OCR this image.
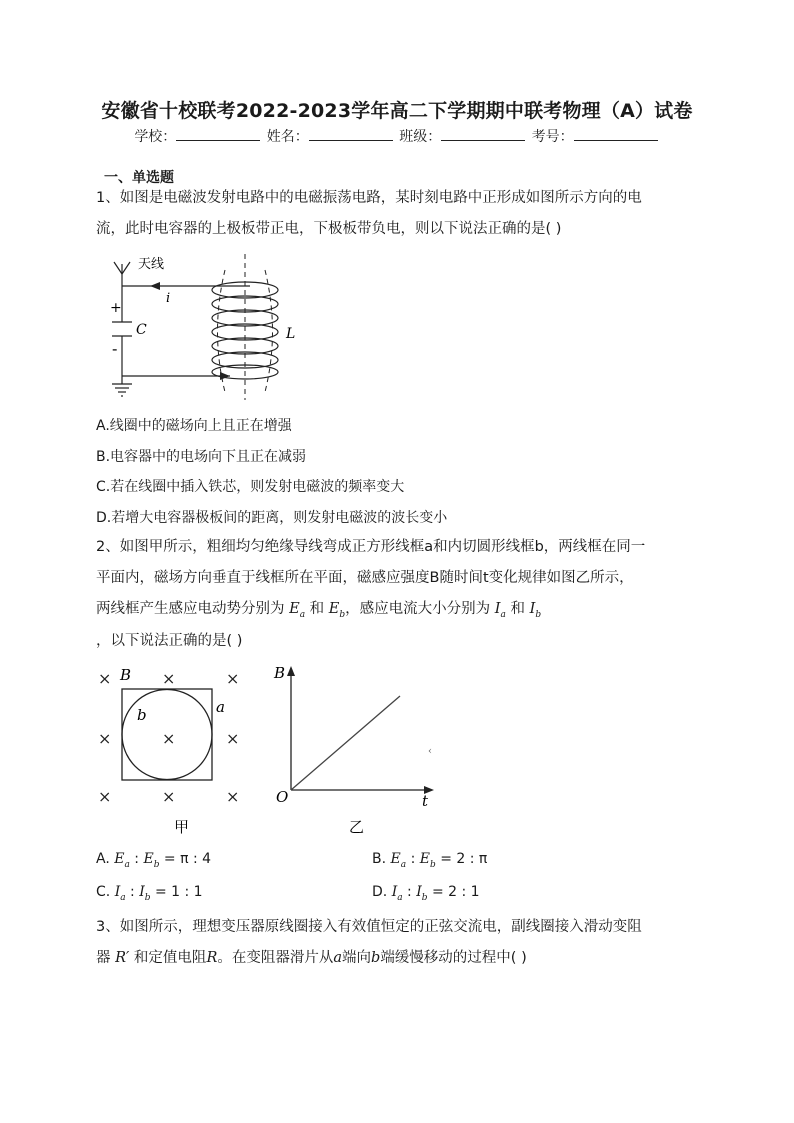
安徽省十校联考2022-2023学年高二下学期期中联考物理（A）试卷
学校：	姓名：	班级：	考号：
一、单选题
1、如图是电磁波发射电路中的电磁振荡电路，某时刻电路中正形成如图所示方向的电
流，此时电容器的上极板带正电，下极板带负电，则以下说法正确的是( )
天线
i
+
-
C	L
A.线圈中的磁场向上且正在增强
B.电容器中的电场向下且正在减弱
C.若在线圈中插入铁芯，则发射电磁波的频率变大
D.若增大电容器极板间的距离，则发射电磁波的波长变小
2、如图甲所示，粗细均匀绝缘导线弯成正方形线框a和内切圆形线框b，两线框在同一
平面内，磁场方向垂直于线框所在平面，磁感应强度B随时间t变化规律如图乙所示，
两线框产生感应电动势分别为 $E_a$ 和 $E_b$，感应电流大小分别为 $I_a$ 和 $I_b$
，以下说法正确的是( )
×	×	×
×	×	×
×	×	×
B
b	a
甲
B
t
O
‹
乙
A. $E_a$ : $E_b = \pi$ : 4	B. $E_a$ : $E_b = 2$ : π
C. $I_a$ : $I_b = 1$ : 1	D. $I_a$ : $I_b = 2$ : 1
3、如图所示，理想变压器原线圈接入有效值恒定的正弦交流电，副线圈接入滑动变阻
器 R′ 和定值电阻R。在变阻器滑片从a端向b端缓慢移动的过程中( )
